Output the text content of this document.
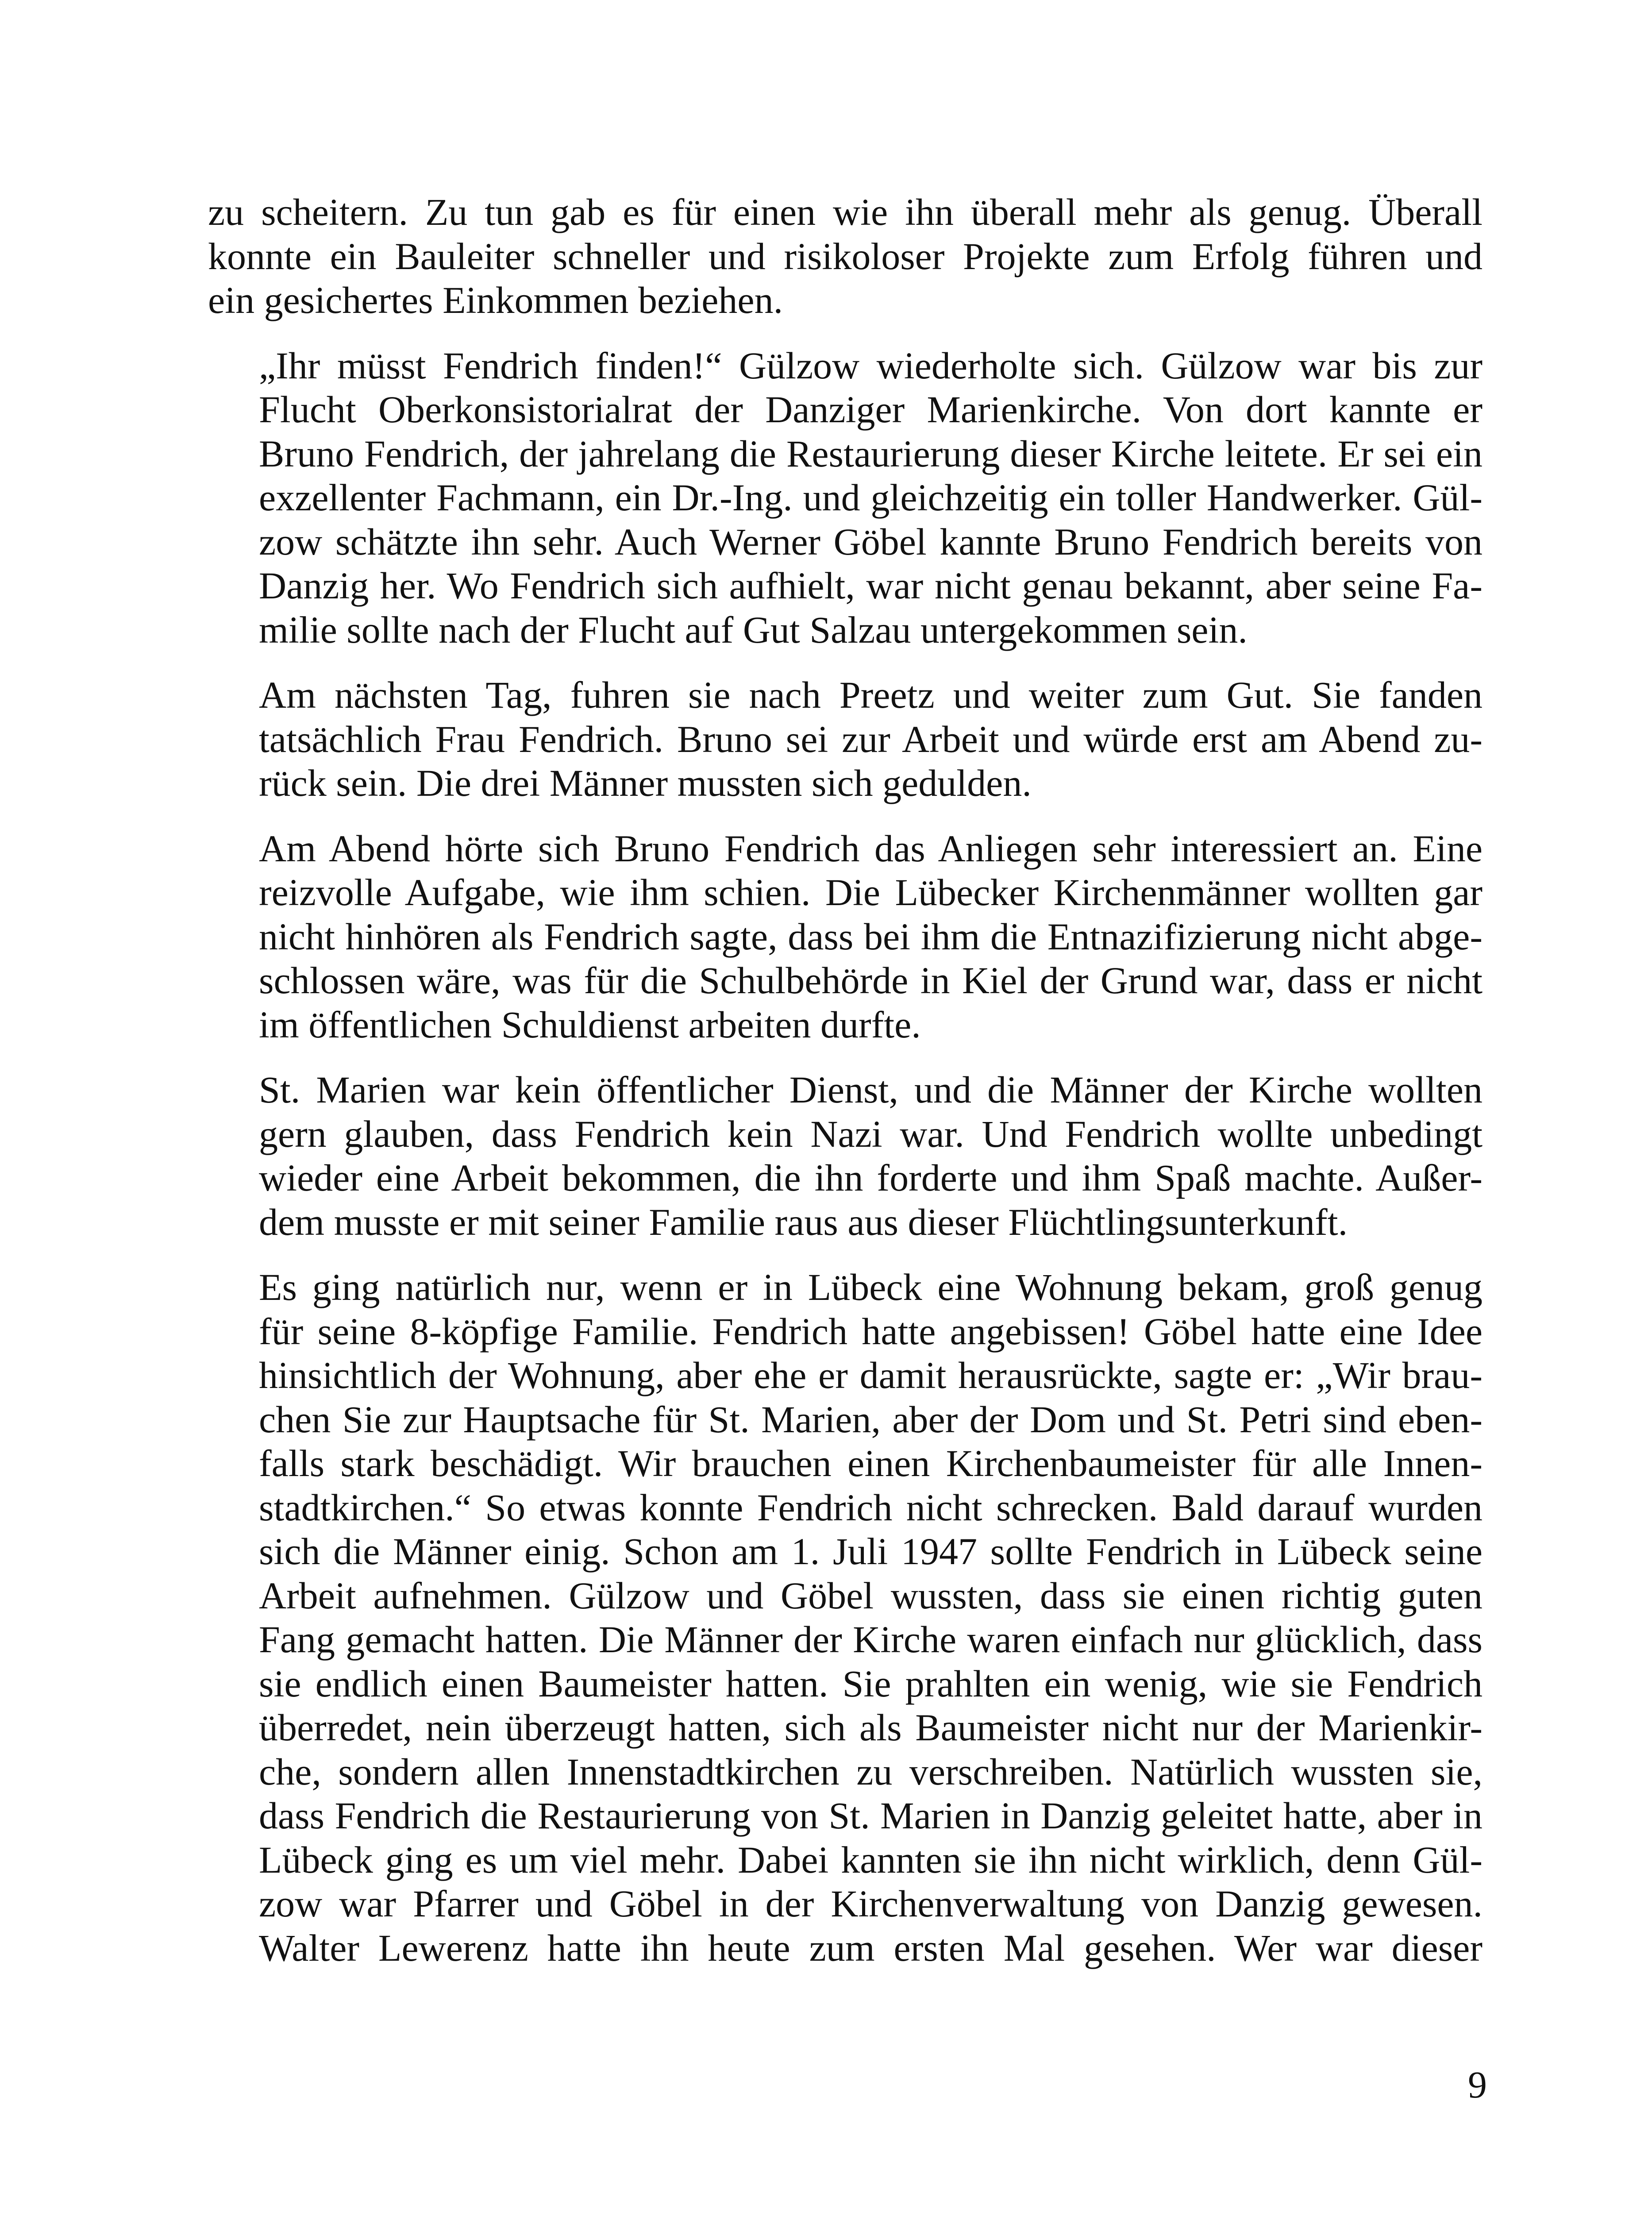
zu scheitern. Zu tun gab es für einen wie ihn überall mehr als genug. Überall
konnte ein Bauleiter schneller und risikoloser Projekte zum Erfolg führen und
ein gesichertes Einkommen beziehen.
„Ihr müsst Fendrich finden!“ Gülzow wiederholte sich. Gülzow war bis zur
Flucht Oberkonsistorialrat der Danziger Marienkirche. Von dort kannte er
Bruno Fendrich, der jahrelang die Restaurierung dieser Kirche leitete. Er sei ein
exzellenter Fachmann, ein Dr.-Ing. und gleichzeitig ein toller Handwerker. Gül-
zow schätzte ihn sehr. Auch Werner Göbel kannte Bruno Fendrich bereits von
Danzig her. Wo Fendrich sich aufhielt, war nicht genau bekannt, aber seine Fa-
milie sollte nach der Flucht auf Gut Salzau untergekommen sein.
Am nächsten Tag, fuhren sie nach Preetz und weiter zum Gut. Sie fanden
tatsächlich Frau Fendrich. Bruno sei zur Arbeit und würde erst am Abend zu-
rück sein. Die drei Männer mussten sich gedulden.
Am Abend hörte sich Bruno Fendrich das Anliegen sehr interessiert an. Eine
reizvolle Aufgabe, wie ihm schien. Die Lübecker Kirchenmänner wollten gar
nicht hinhören als Fendrich sagte, dass bei ihm die Entnazifizierung nicht abge-
schlossen wäre, was für die Schulbehörde in Kiel der Grund war, dass er nicht
im öffentlichen Schuldienst arbeiten durfte.
St. Marien war kein öffentlicher Dienst, und die Männer der Kirche wollten
gern glauben, dass Fendrich kein Nazi war. Und Fendrich wollte unbedingt
wieder eine Arbeit bekommen, die ihn forderte und ihm Spaß machte. Außer-
dem musste er mit seiner Familie raus aus dieser Flüchtlingsunterkunft.
Es ging natürlich nur, wenn er in Lübeck eine Wohnung bekam, groß genug
für seine 8-köpfige Familie. Fendrich hatte angebissen! Göbel hatte eine Idee
hinsichtlich der Wohnung, aber ehe er damit herausrückte, sagte er: „Wir brau-
chen Sie zur Hauptsache für St. Marien, aber der Dom und St. Petri sind eben-
falls stark beschädigt. Wir brauchen einen Kirchenbaumeister für alle Innen-
stadtkirchen.“ So etwas konnte Fendrich nicht schrecken. Bald darauf wurden
sich die Männer einig. Schon am 1. Juli 1947 sollte Fendrich in Lübeck seine
Arbeit aufnehmen. Gülzow und Göbel wussten, dass sie einen richtig guten
Fang gemacht hatten. Die Männer der Kirche waren einfach nur glücklich, dass
sie endlich einen Baumeister hatten. Sie prahlten ein wenig, wie sie Fendrich
überredet, nein überzeugt hatten, sich als Baumeister nicht nur der Marienkir-
che, sondern allen Innenstadtkirchen zu verschreiben. Natürlich wussten sie,
dass Fendrich die Restaurierung von St. Marien in Danzig geleitet hatte, aber in
Lübeck ging es um viel mehr. Dabei kannten sie ihn nicht wirklich, denn Gül-
zow war Pfarrer und Göbel in der Kirchenverwaltung von Danzig gewesen.
Walter Lewerenz hatte ihn heute zum ersten Mal gesehen. Wer war dieser
9
